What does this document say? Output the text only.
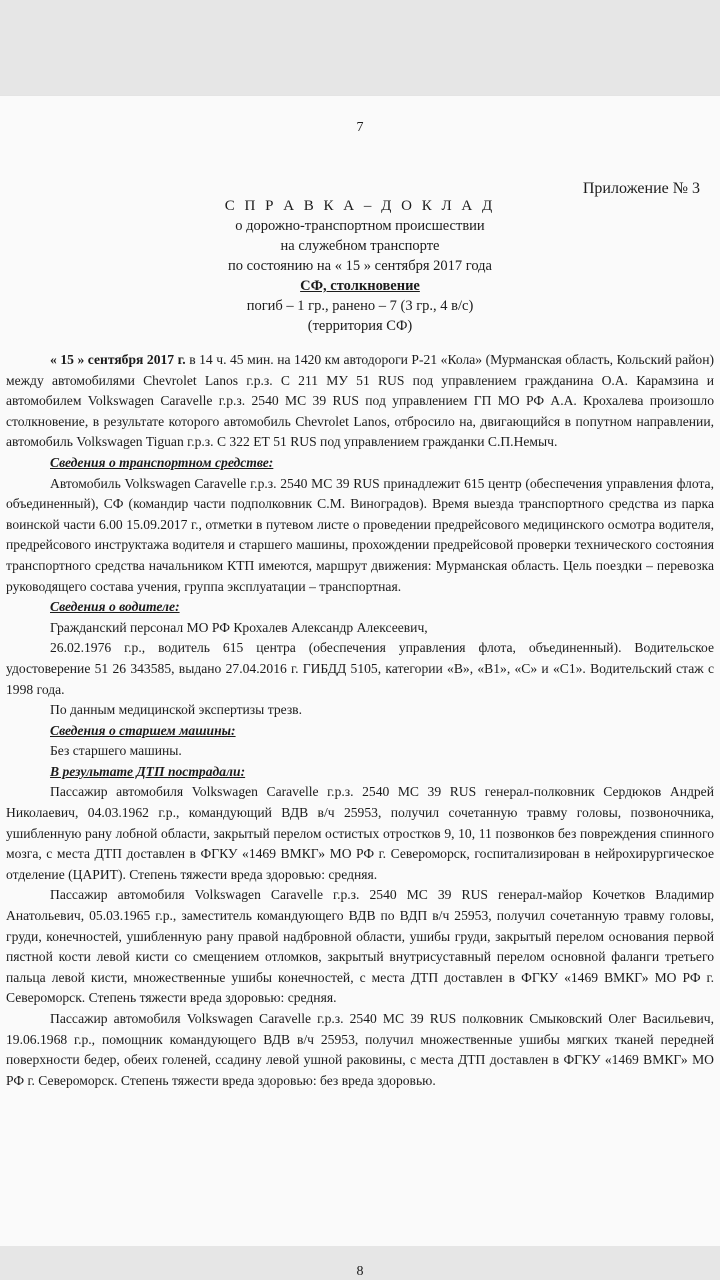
7
Приложение № 3
С П Р А В К А – Д О К Л А Д
о дорожно-транспортном происшествии
на служебном транспорте
по состоянию на « 15 » сентября 2017 года
СФ, столкновение
погиб – 1 гр., ранено – 7 (3 гр., 4 в/с)
(территория СФ)

« 15 » сентября 2017 г. в 14 ч. 45 мин. на 1420 км автодороги Р-21 «Кола» (Мурманская область, Кольский район) между автомобилями Chevrolet Lanos г.р.з. С 211 МУ 51 RUS под управлением гражданина О.А. Карамзина и автомобилем Volkswagen Caravelle г.р.з. 2540 МС 39 RUS под управлением ГП МО РФ А.А. Крохалева произошло столкновение, в результате которого автомобиль Chevrolet Lanos, отбросило на, двигающийся в попутном направлении, автомобиль Volkswagen Tiguan г.р.з. С 322 ЕТ 51 RUS под управлением гражданки С.П.Немыч.

Сведения о транспортном средстве:

Автомобиль Volkswagen Caravelle г.р.з. 2540 МС 39 RUS принадлежит 615 центр (обеспечения управления флота, объединенный), СФ (командир части подполковник С.М. Виноградов). Время выезда транспортного средства из парка воинской части 6.00 15.09.2017 г., отметки в путевом листе о проведении предрейсового медицинского осмотра водителя, предрейсового инструктажа водителя и старшего машины, прохождении предрейсовой проверки технического состояния транспортного средства начальником КТП имеются, маршрут движения: Мурманская область. Цель поездки – перевозка руководящего состава учения, группа эксплуатации – транспортная.

Сведения о водителе:

Гражданский персонал МО РФ Крохалев Александр Алексеевич,

26.02.1976 г.р., водитель 615 центра (обеспечения управления флота, объединенный). Водительское удостоверение 51 26 343585, выдано 27.04.2016 г. ГИБДД 5105, категории «В», «В1», «С» и «С1». Водительский стаж с 1998 года.

По данным медицинской экспертизы трезв.

Сведения о старшем машины:

Без старшего машины.

В результате ДТП пострадали:

Пассажир автомобиля Volkswagen Caravelle г.р.з. 2540 МС 39 RUS генерал-полковник Сердюков Андрей Николаевич, 04.03.1962 г.р., командующий ВДВ в/ч 25953, получил сочетанную травму головы, позвоночника, ушибленную рану лобной области, закрытый перелом остистых отростков 9, 10, 11 позвонков без повреждения спинного мозга, с места ДТП доставлен в ФГКУ «1469 ВМКГ» МО РФ г. Североморск, госпитализирован в нейрохирургическое отделение (ЦАРИТ). Степень тяжести вреда здоровью: средняя.

Пассажир автомобиля Volkswagen Caravelle г.р.з. 2540 МС 39 RUS генерал-майор Кочетков Владимир Анатольевич, 05.03.1965 г.р., заместитель командующего ВДВ по ВДП в/ч 25953, получил сочетанную травму головы, груди, конечностей, ушибленную рану правой надбровной области, ушибы груди, закрытый перелом основания первой пястной кости левой кисти со смещением отломков, закрытый внутрисуставный перелом основной фаланги третьего пальца левой кисти, множественные ушибы конечностей, с места ДТП доставлен в ФГКУ «1469 ВМКГ» МО РФ г. Североморск. Степень тяжести вреда здоровью: средняя.

Пассажир автомобиля Volkswagen Caravelle г.р.з. 2540 МС 39 RUS полковник Смыковский Олег Васильевич, 19.06.1968 г.р., помощник командующего ВДВ в/ч 25953, получил множественные ушибы мягких тканей передней поверхности бедер, обеих голеней, ссадину левой ушной раковины, с места ДТП доставлен в ФГКУ «1469 ВМКГ» МО РФ г. Североморск. Степень тяжести вреда здоровью: без вреда здоровью.

8
